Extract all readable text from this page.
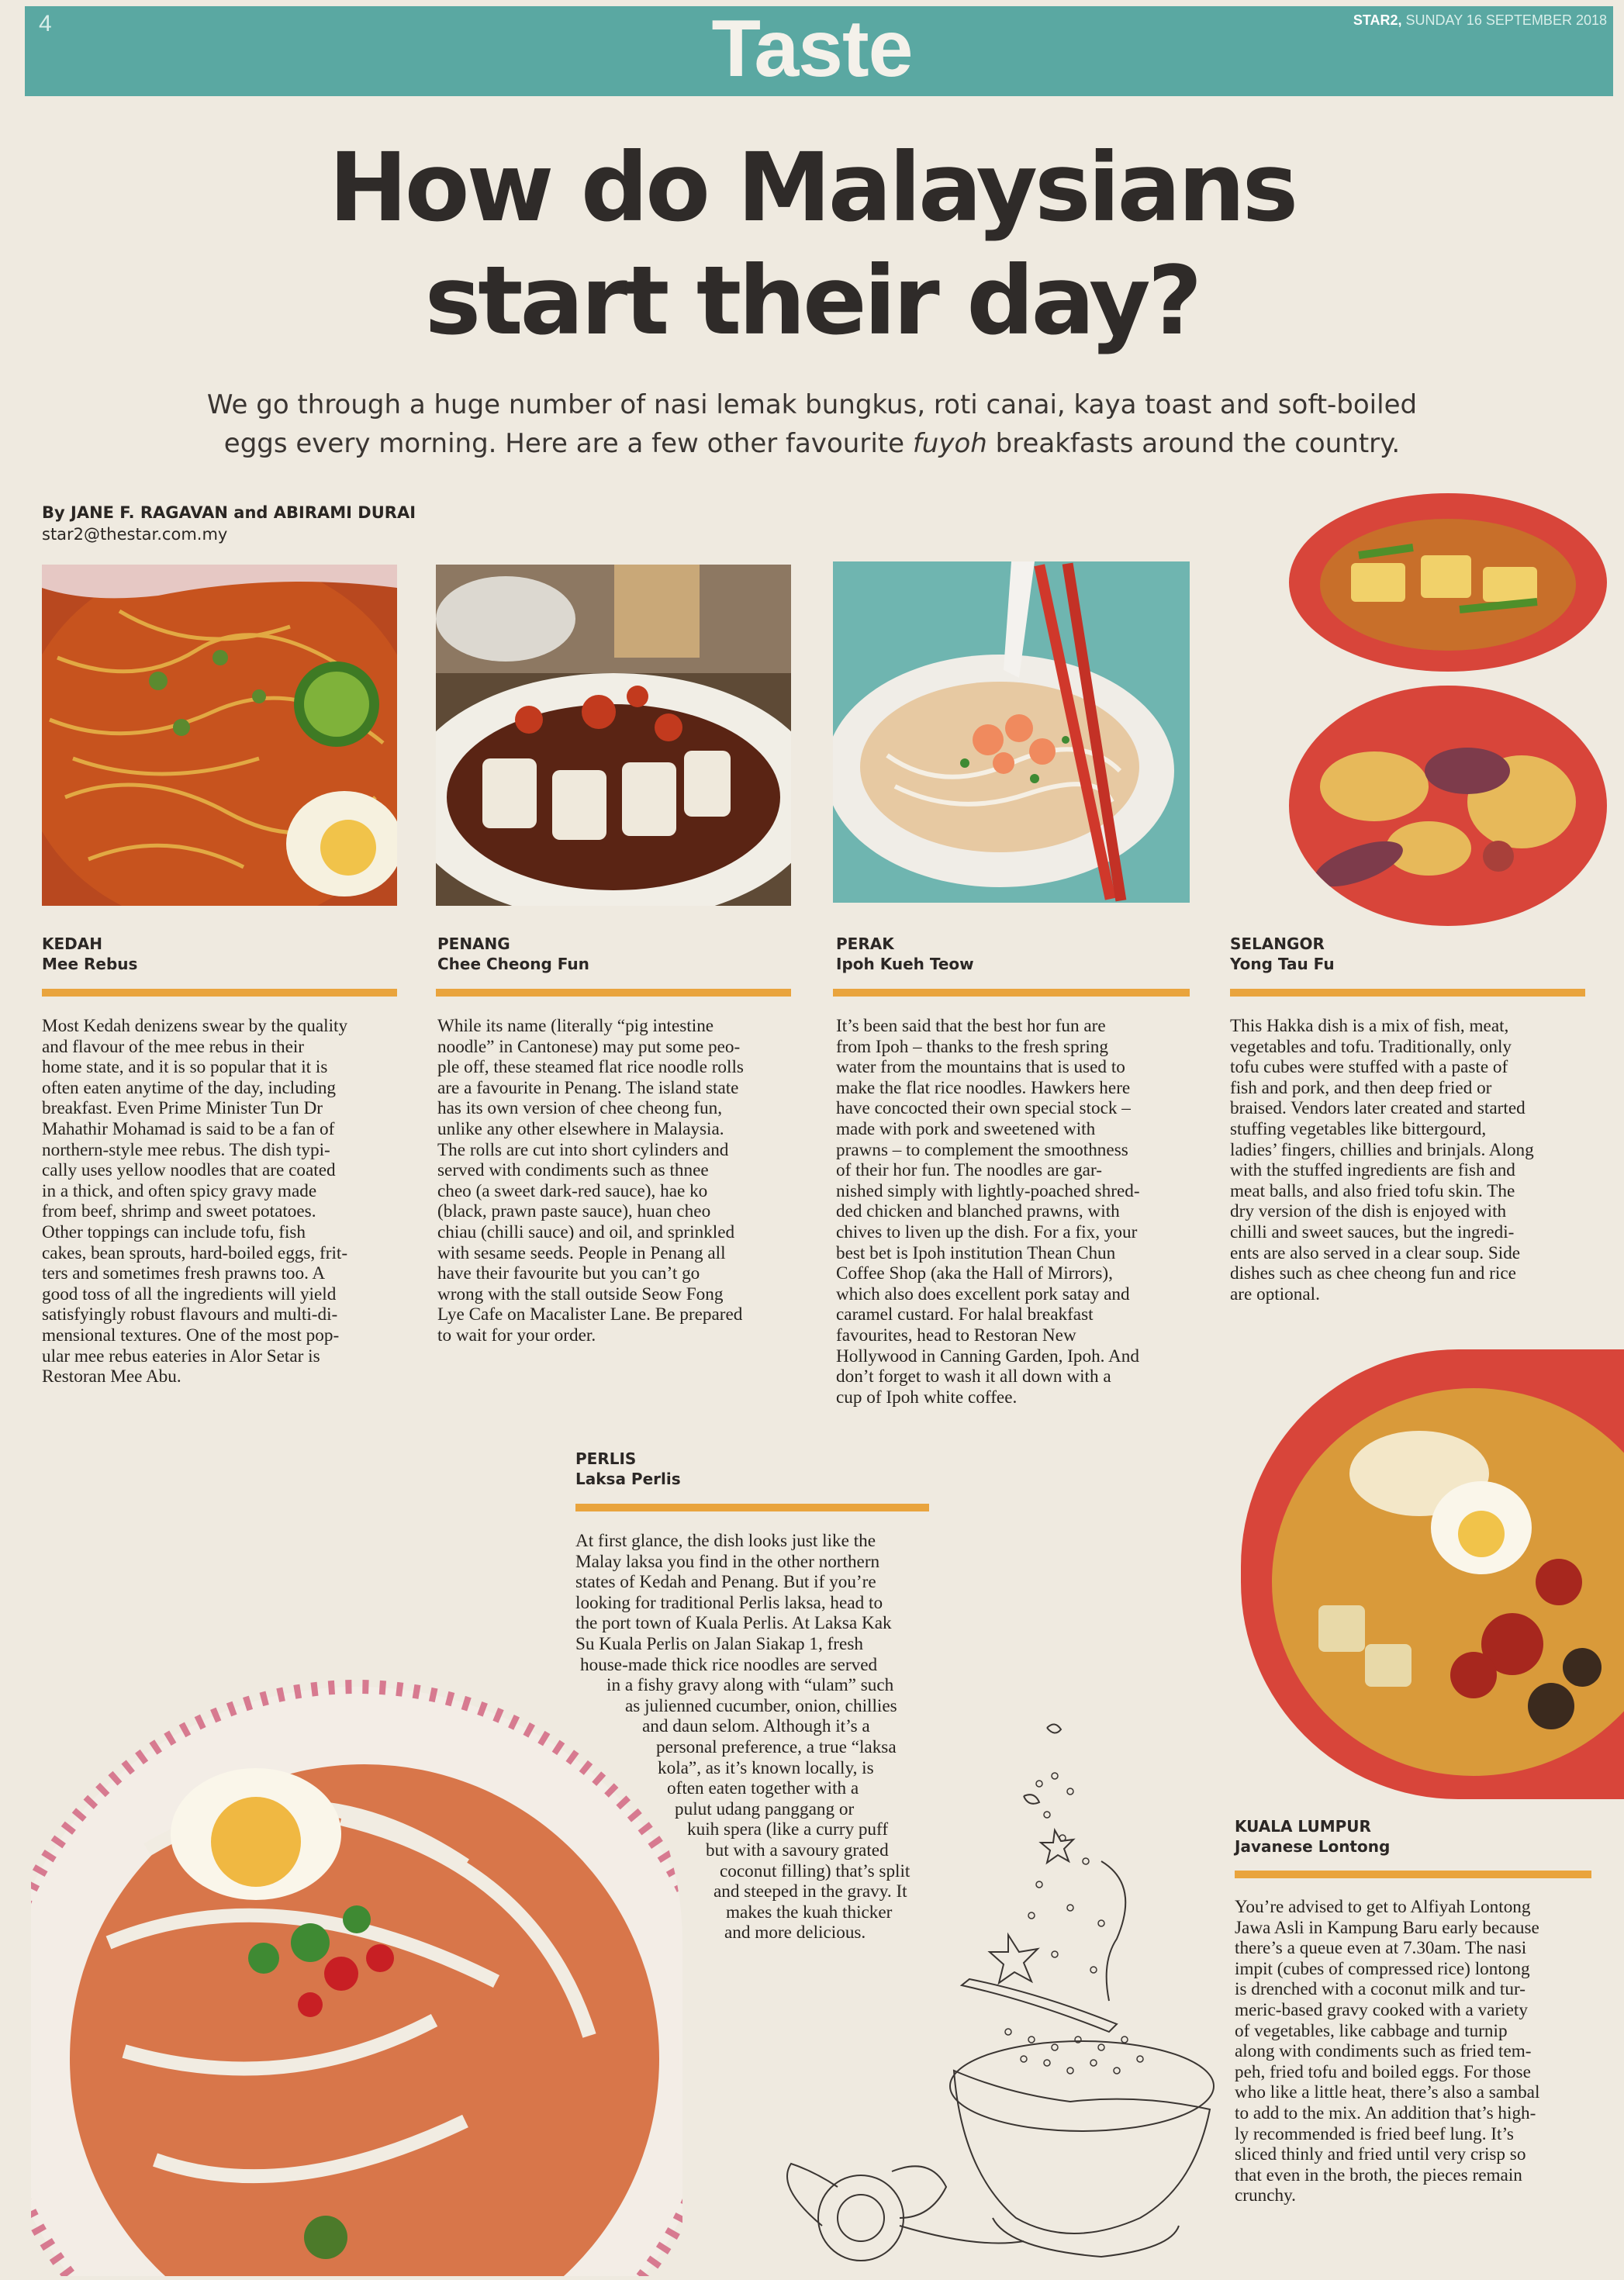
4	Taste	STAR2, SUNDAY 16 SEPTEMBER 2018
How do Malaysians
start their day?
We go through a huge number of nasi lemak bungkus, roti canai, kaya toast and soft-boiled
eggs every morning. Here are a few other favourite fuyoh breakfasts around the country.
By JANE F. RAGAVAN and ABIRAMI DURAI
star2@thestar.com.my
KEDAH
Mee Rebus

Most Kedah denizens swear by the quality

and flavour of the mee rebus in their

home state, and it is so popular that it is

often eaten anytime of the day, including

breakfast. Even Prime Minister Tun Dr

Mahathir Mohamad is said to be a fan of

northern-style mee rebus. The dish typi-

cally uses yellow noodles that are coated

in a thick, and often spicy gravy made

from beef, shrimp and sweet potatoes.

Other toppings can include tofu, fish

cakes, bean sprouts, hard-boiled eggs, frit-

ters and sometimes fresh prawns too. A

good toss of all the ingredients will yield

satisfyingly robust flavours and multi-di-

mensional textures. One of the most pop-

ular mee rebus eateries in Alor Setar is

Restoran Mee Abu.

PENANG
Chee Cheong Fun

While its name (literally “pig intestine

noodle” in Cantonese) may put some peo-

ple off, these steamed flat rice noodle rolls

are a favourite in Penang. The island state

has its own version of chee cheong fun,

unlike any other elsewhere in Malaysia.

The rolls are cut into short cylinders and

served with condiments such as thnee

cheo (a sweet dark-red sauce), hae ko

(black, prawn paste sauce), huan cheo

chiau (chilli sauce) and oil, and sprinkled

with sesame seeds. People in Penang all

have their favourite but you can’t go

wrong with the stall outside Seow Fong

Lye Cafe on Macalister Lane. Be prepared

to wait for your order.

PERAK
Ipoh Kueh Teow

It’s been said that the best hor fun are

from Ipoh – thanks to the fresh spring

water from the mountains that is used to

make the flat rice noodles. Hawkers here

have concocted their own special stock –

made with pork and sweetened with

prawns – to complement the smoothness

of their hor fun. The noodles are gar-

nished simply with lightly-poached shred-

ded chicken and blanched prawns, with

chives to liven up the dish. For a fix, your

best bet is Ipoh institution Thean Chun

Coffee Shop (aka the Hall of Mirrors),

which also does excellent pork satay and

caramel custard. For halal breakfast

favourites, head to Restoran New

Hollywood in Canning Garden, Ipoh. And

don’t forget to wash it all down with a

cup of Ipoh white coffee.

SELANGOR
Yong Tau Fu

This Hakka dish is a mix of fish, meat,

vegetables and tofu. Traditionally, only

tofu cubes were stuffed with a paste of

fish and pork, and then deep fried or

braised. Vendors later created and started

stuffing vegetables like bittergourd,

ladies’ fingers, chillies and brinjals. Along

with the stuffed ingredients are fish and

meat balls, and also fried tofu skin. The

dry version of the dish is enjoyed with

chilli and sweet sauces, but the ingredi-

ents are also served in a clear soup. Side

dishes such as chee cheong fun and rice

are optional.

PERLIS
Laksa Perlis

At first glance, the dish looks just like the

Malay laksa you find in the other northern

states of Kedah and Penang. But if you’re

looking for traditional Perlis laksa, head to

the port town of Kuala Perlis. At Laksa Kak

Su Kuala Perlis on Jalan Siakap 1, fresh

house-made thick rice noodles are served

in a fishy gravy along with “ulam” such

as julienned cucumber, onion, chillies

and daun selom. Although it’s a

personal preference, a true “laksa

kola”, as it’s known locally, is

often eaten together with a

pulut udang panggang or

kuih spera (like a curry puff

but with a savoury grated

coconut filling) that’s split

and steeped in the gravy. It

makes the kuah thicker

and more delicious.

KUALA LUMPUR
Javanese Lontong

You’re advised to get to Alfiyah Lontong

Jawa Asli in Kampung Baru early because

there’s a queue even at 7.30am. The nasi

impit (cubes of compressed rice) lontong

is drenched with a coconut milk and tur-

meric-based gravy cooked with a variety

of vegetables, like cabbage and turnip

along with condiments such as fried tem-

peh, fried tofu and boiled eggs. For those

who like a little heat, there’s also a sambal

to add to the mix. An addition that’s high-

ly recommended is fried beef lung. It’s

sliced thinly and fried until very crisp so

that even in the broth, the pieces remain

crunchy.
